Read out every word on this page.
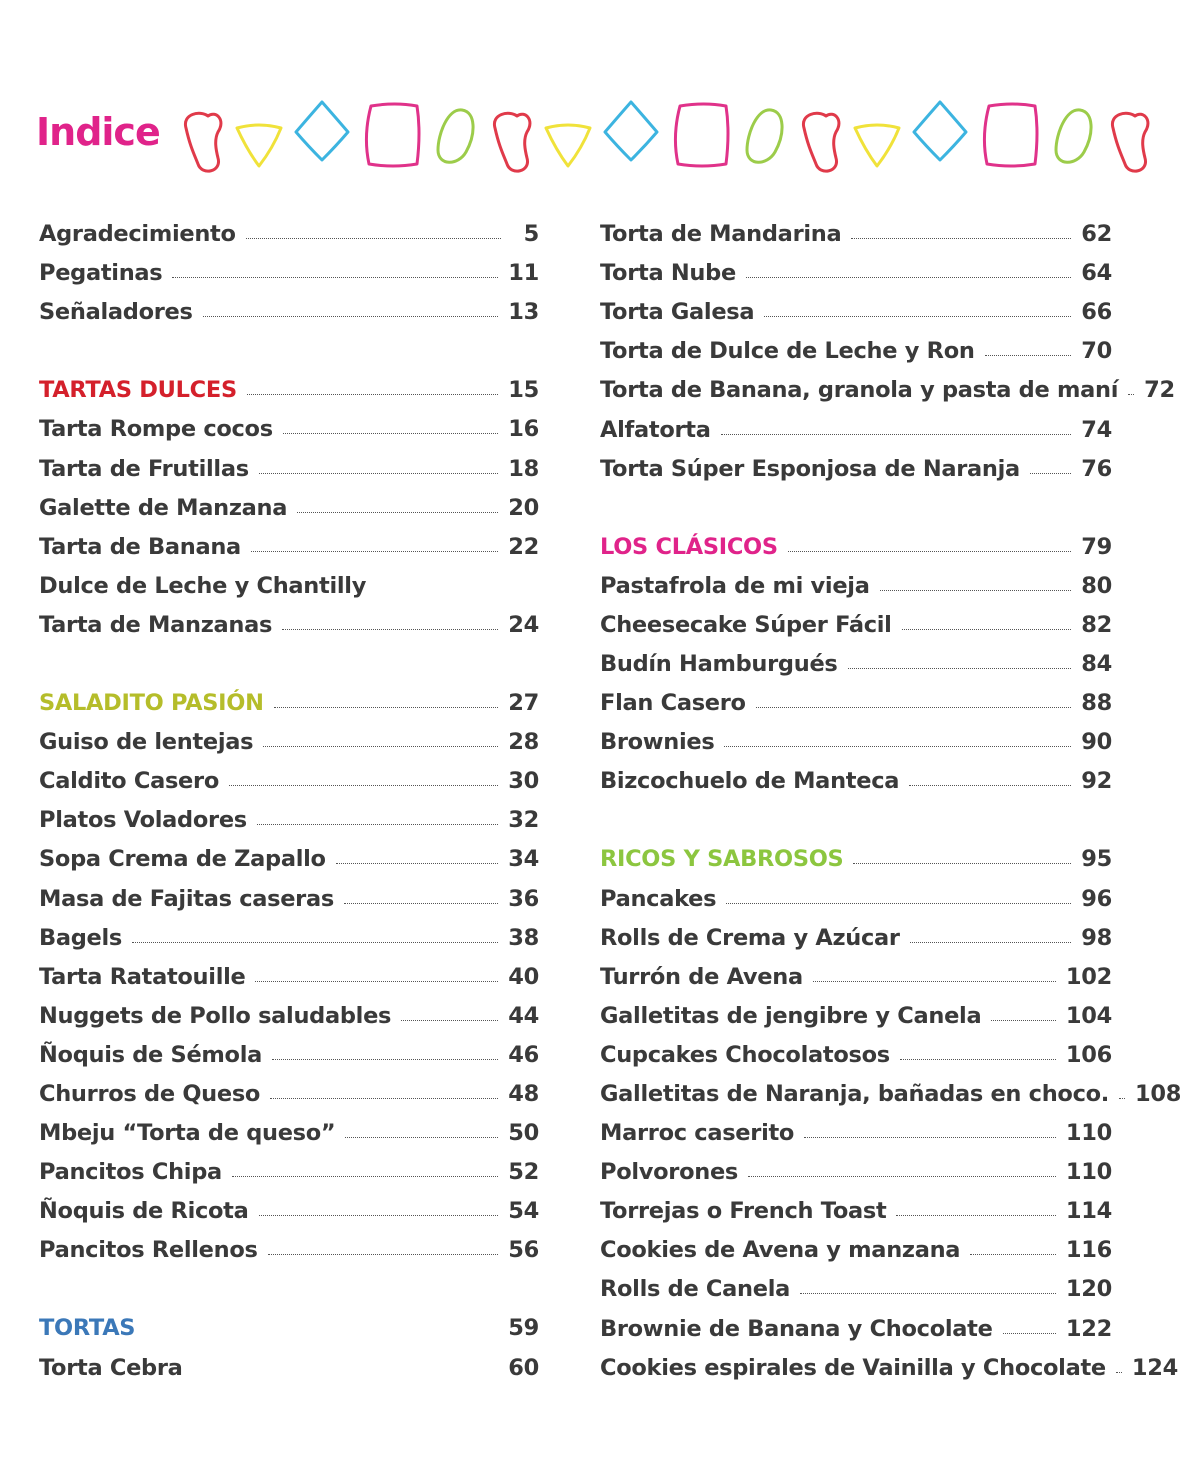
Indice
Agradecimiento	5
Pegatinas	11
Señaladores	13
TARTAS DULCES	15
Tarta Rompe cocos	16
Tarta de Frutillas	18
Galette de Manzana	20
Tarta de Banana	22
Dulce de Leche y Chantilly
Tarta de Manzanas	24
SALADITO PASIÓN	27
Guiso de lentejas	28
Caldito Casero	30
Platos Voladores	32
Sopa Crema de Zapallo	34
Masa de Fajitas caseras	36
Bagels	38
Tarta Ratatouille	40
Nuggets de Pollo saludables	44
Ñoquis de Sémola	46
Churros de Queso	48
Mbeju “Torta de queso”	50
Pancitos Chipa	52
Ñoquis de Ricota	54
Pancitos Rellenos	56
TORTAS	59
Torta Cebra	60
Torta de Mandarina	62
Torta Nube	64
Torta Galesa	66
Torta de Dulce de Leche y Ron	70
Torta de Banana, granola y pasta de maní 72
Alfatorta	74
Torta Súper Esponjosa de Naranja	76
LOS CLÁSICOS	79
Pastafrola de mi vieja	80
Cheesecake Súper Fácil	82
Budín Hamburgués	84
Flan Casero	88
Brownies	90
Bizcochuelo de Manteca	92
RICOS Y SABROSOS	95
Pancakes	96
Rolls de Crema y Azúcar	98
Turrón de Avena	102
Galletitas de jengibre y Canela	104
Cupcakes Chocolatosos	106
Galletitas de Naranja, bañadas en choco. 108
Marroc caserito	110
Polvorones	110
Torrejas o French Toast	114
Cookies de Avena y manzana	116
Rolls de Canela	120
Brownie de Banana y Chocolate	122
Cookies espirales de Vainilla y Chocolate 124
